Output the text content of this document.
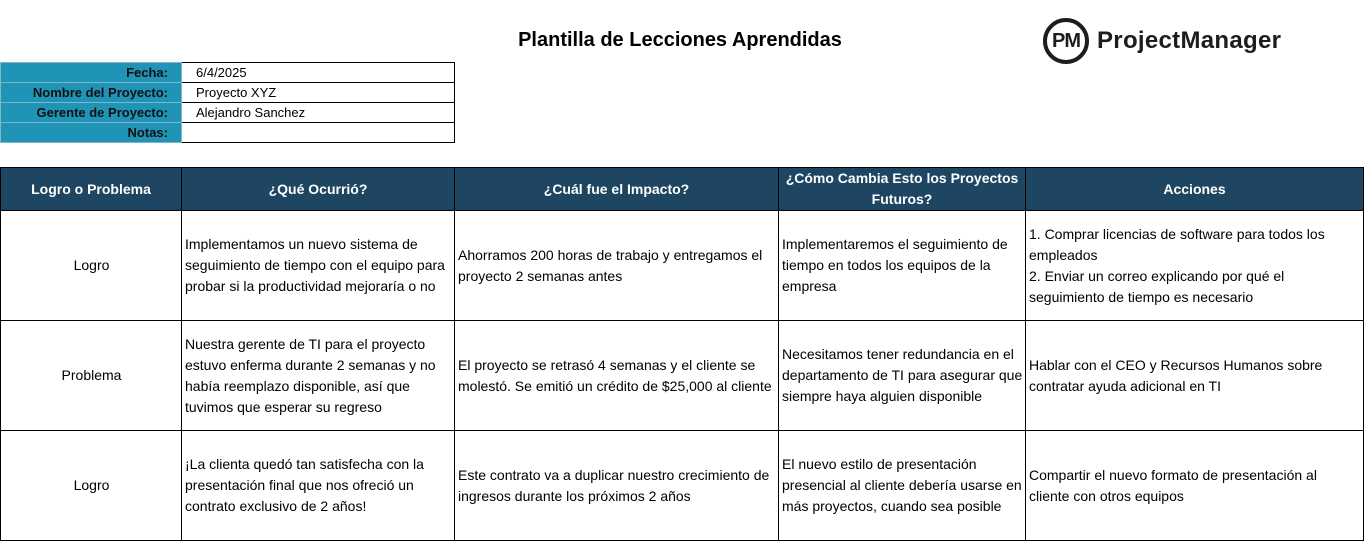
Plantilla de Lecciones Aprendidas	PM ProjectManager
Fecha:	6/4/2025
Nombre del Proyecto:	Proyecto XYZ
Gerente de Proyecto:	Alejandro Sanchez
Notas:	
Logro o Problema	¿Qué Ocurrió?	¿Cuál fue el Impacto?	¿Cómo Cambia Esto los Proyectos Futuros?	Acciones
Logro	Implementamos un nuevo sistema de seguimiento de tiempo con el equipo para probar si la productividad mejoraría o no	Ahorramos 200 horas de trabajo y entregamos el proyecto 2 semanas antes	Implementaremos el seguimiento de tiempo en todos los equipos de la empresa	1. Comprar licencias de software para todos los empleados
2. Enviar un correo explicando por qué el seguimiento de tiempo es necesario

Problema	Nuestra gerente de TI para el proyecto estuvo enferma durante 2 semanas y no había reemplazo disponible, así que tuvimos que esperar su regreso	El proyecto se retrasó 4 semanas y el cliente se molestó. Se emitió un crédito de $25,000 al cliente	Necesitamos tener redundancia en el departamento de TI para asegurar que siempre haya alguien disponible	Hablar con el CEO y Recursos Humanos sobre contratar ayuda adicional en TI

Logro	¡La clienta quedó tan satisfecha con la presentación final que nos ofreció un contrato exclusivo de 2 años!	Este contrato va a duplicar nuestro crecimiento de ingresos durante los próximos 2 años	El nuevo estilo de presentación presencial al cliente debería usarse en más proyectos, cuando sea posible	Compartir el nuevo formato de presentación al cliente con otros equipos
